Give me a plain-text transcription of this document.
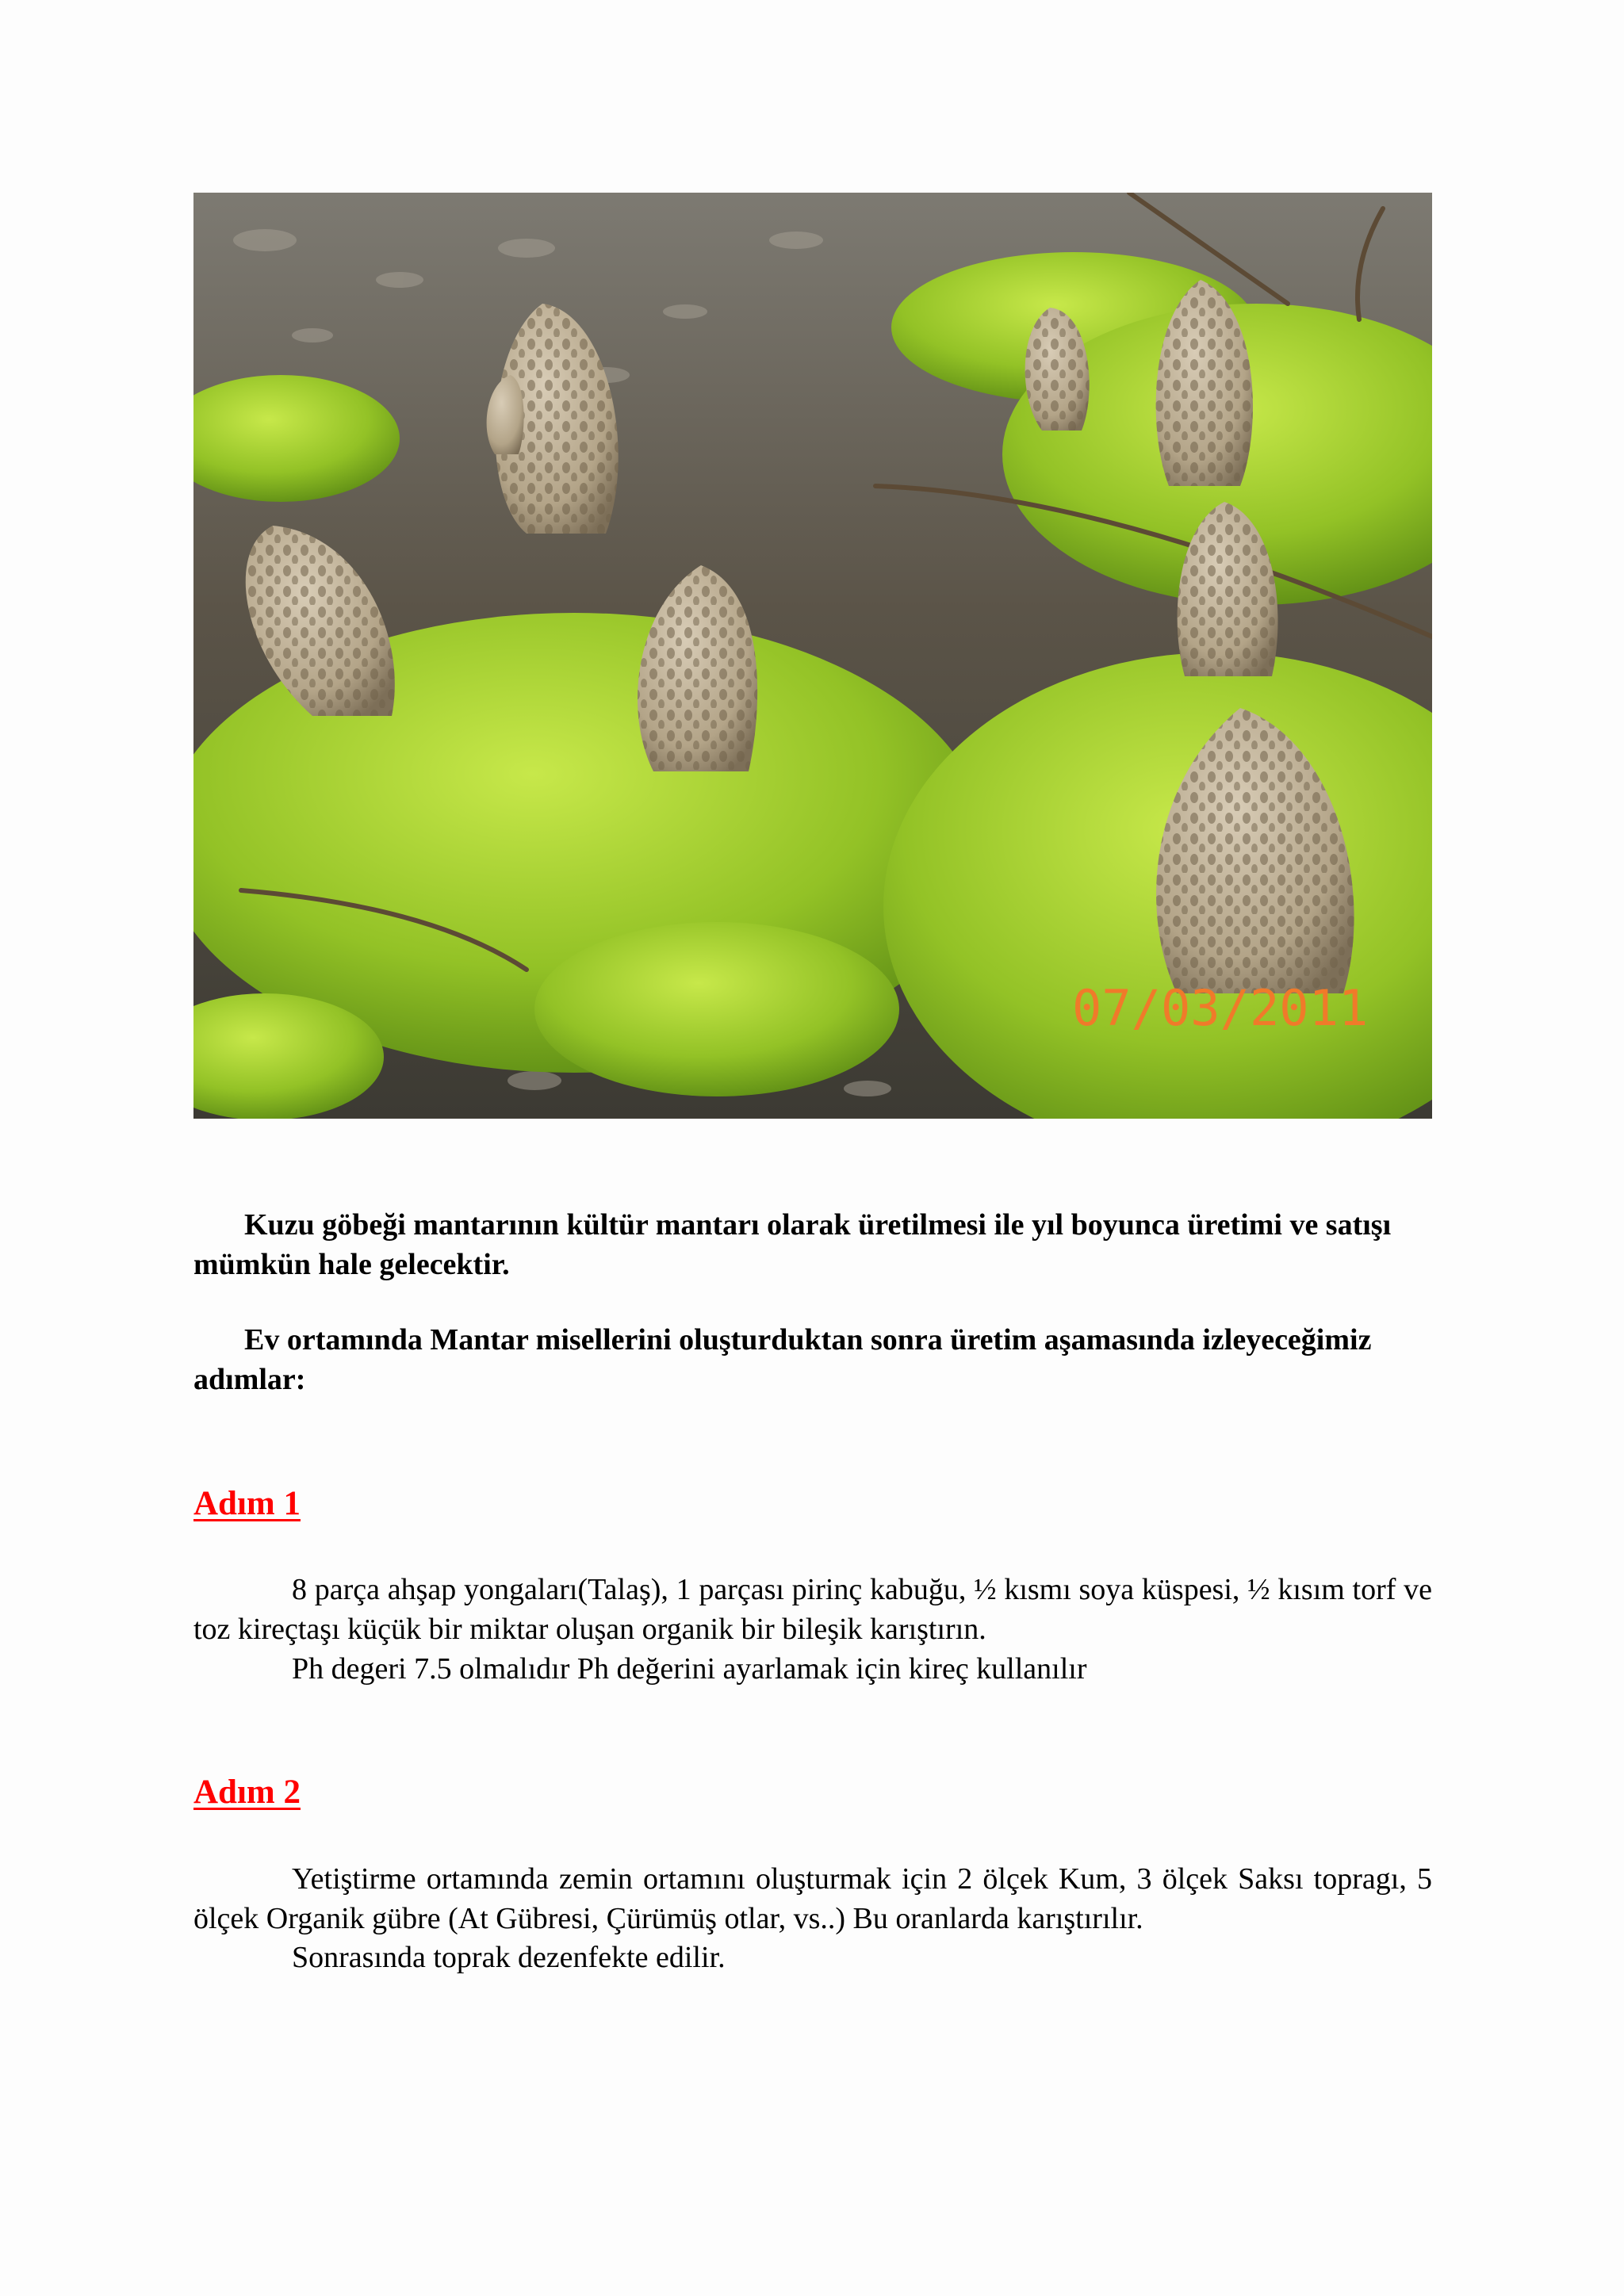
07/03/2011

Kuzu göbeği mantarının kültür mantarı olarak üretilmesi ile yıl boyunca üretimi ve satışı mümkün hale gelecektir.

Ev ortamında Mantar misellerini oluşturduktan sonra üretim aşamasında izleyeceğimiz adımlar:

Adım 1

8 parça ahşap yongaları(Talaş), 1 parçası pirinç kabuğu, ½ kısmı soya küspesi, ½ kısım torf ve toz kireçtaşı küçük bir miktar oluşan organik bir bileşik karıştırın.

Ph degeri 7.5 olmalıdır Ph değerini ayarlamak için kireç kullanılır

Adım 2

Yetiştirme ortamında zemin ortamını oluşturmak için 2 ölçek Kum, 3 ölçek Saksı topragı, 5 ölçek Organik gübre (At Gübresi, Çürümüş otlar, vs..) Bu oranlarda karıştırılır.

Sonrasında toprak dezenfekte edilir.
